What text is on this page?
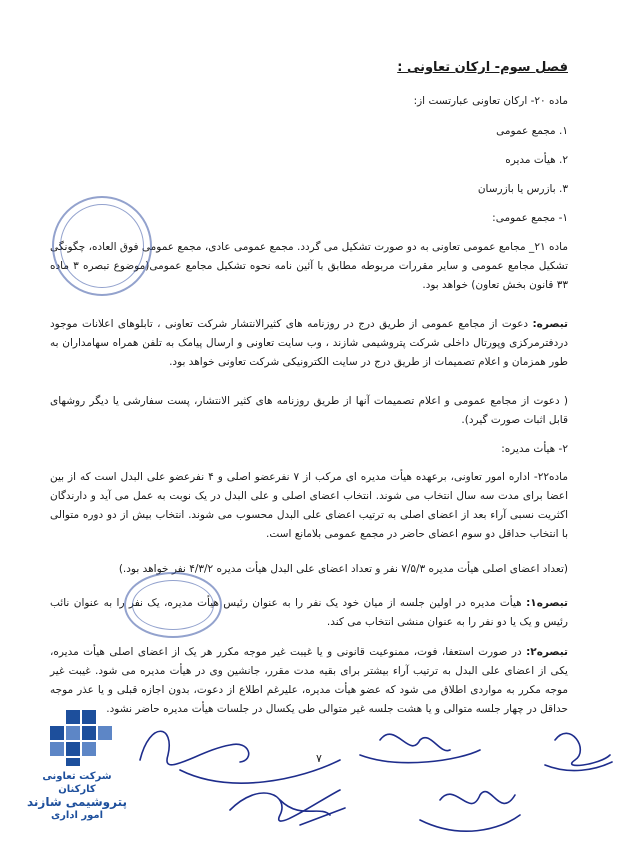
فصل سوم- ارکان تعاونی :
ماده ۲۰- ارکان تعاونی عبارتست از:
۱. مجمع عمومی
۲. هیأت مدیره
۳. بازرس یا بازرسان
۱- مجمع عمومی:
ماده ۲۱_ مجامع عمومی تعاونی به دو صورت تشکیل می گردد. مجمع عمومی عادی، مجمع عمومی فوق العاده، چگونگی تشکیل مجامع عمومی و سایر مقررات مربوطه مطابق با آئین نامه نحوه تشکیل مجامع عمومی(موضوع تبصره ۳ ماده ۳۳ قانون بخش تعاون) خواهد بود.
تبصره: دعوت از مجامع عمومی از طریق درج در روزنامه های کثیرالانتشار شرکت تعاونی ، تابلوهای اعلانات موجود دردفترمرکزی وپورتال داخلی شرکت پتروشیمی شازند ، وب سایت تعاونی و ارسال پیامک به تلفن همراه سهامداران به طور همزمان و اعلام تصمیمات از طریق درج در سایت الکترونیکی شرکت تعاونی خواهد بود.
( دعوت از مجامع عمومی و اعلام تصمیمات آنها از طریق روزنامه های کثیر الانتشار، پست سفارشی یا دیگر روشهای قابل اثبات صورت گیرد).
۲- هیأت مدیره:
ماده‌۲۲- اداره امور تعاونی، برعهده هیأت مدیره ای مرکب از ۷ نفرعضو اصلی و ۴ نفرعضو علی البدل است که از بین اعضا برای مدت سه سال انتخاب می شوند. انتخاب اعضای اصلی و علی البدل در یک نوبت به عمل می آید و دارندگان اکثریت نسبی آراء بعد از اعضای اصلی به ترتیب اعضای علی البدل محسوب می شوند. انتخاب بیش از دو دوره متوالی با انتخاب حداقل دو سوم اعضای حاضر در مجمع عمومی بلامانع است.
(تعداد اعضای اصلی هیأت مدیره ۷/۵/۳ نفر و تعداد اعضای علی البدل هیأت مدیره ۴/۳/۲ نفر خواهد بود.)
تبصره۱: هیأت مدیره در اولین جلسه از میان خود یک نفر را به عنوان رئیس هیأت مدیره، یک نفر را به عنوان نائب رئیس و یک یا دو نفر را به عنوان منشی انتخاب می کند.
تبصره۲: در صورت استعفا، فوت، ممنوعیت قانونی و یا غیبت غیر موجه مکرر هر یک از اعضای اصلی هیأت مدیره، یکی از اعضای علی البدل به ترتیب آراء بیشتر برای بقیه مدت مقرر، جانشین وی در هیأت مدیره می شود. غیبت غیر موجه مکرر به مواردی اطلاق می شود که عضو هیأت مدیره، علیرغم اطلاع از دعوت، بدون اجازه قبلی و یا عذر موجه حداقل در چهار جلسه متوالی و یا هشت جلسه غیر متوالی طی یکسال در جلسات هیأت مدیره حاضر نشود.
۷
شرکت تعاونی کارکنان
پتروشیمی شازند
امور اداری
